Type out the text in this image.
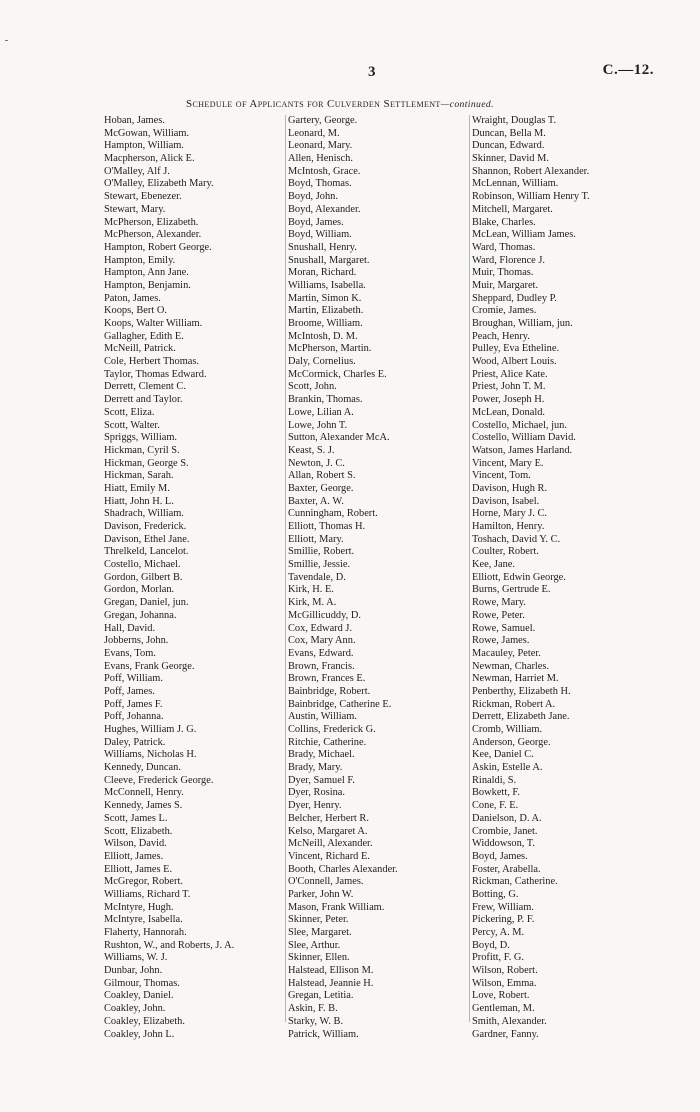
3	C.—12.
Schedule of Applicants for Culverden Settlement—continued.
Hoban, James.
McGowan, William.
Hampton, William.
Macpherson, Alick E.
O'Malley, Alf J.
O'Malley, Elizabeth Mary.
Stewart, Ebenezer.
Stewart, Mary.
McPherson, Elizabeth.
McPherson, Alexander.
Hampton, Robert George.
Hampton, Emily.
Hampton, Ann Jane.
Hampton, Benjamin.
Paton, James.
Koops, Bert O.
Koops, Walter William.
Gallagher, Edith E.
McNeill, Patrick.
Cole, Herbert Thomas.
Taylor, Thomas Edward.
Derrett, Clement C.
Derrett and Taylor.
Scott, Eliza.
Scott, Walter.
Spriggs, William.
Hickman, Cyril S.
Hickman, George S.
Hickman, Sarah.
Hiatt, Emily M.
Hiatt, John H. L.
Shadrach, William.
Davison, Frederick.
Davison, Ethel Jane.
Threlkeld, Lancelot.
Costello, Michael.
Gordon, Gilbert B.
Gordon, Morlan.
Gregan, Daniel, jun.
Gregan, Johanna.
Hall, David.
Jobberns, John.
Evans, Tom.
Evans, Frank George.
Poff, William.
Poff, James.
Poff, James F.
Poff, Johanna.
Hughes, William J. G.
Daley, Patrick.
Williams, Nicholas H.
Kennedy, Duncan.
Cleeve, Frederick George.
McConnell, Henry.
Kennedy, James S.
Scott, James L.
Scott, Elizabeth.
Wilson, David.
Elliott, James.
Elliott, James E.
McGregor, Robert.
Williams, Richard T.
McIntyre, Hugh.
McIntyre, Isabella.
Flaherty, Hannorah.
Rushton, W., and Roberts, J. A.
Williams, W. J.
Dunbar, John.
Gilmour, Thomas.
Coakley, Daniel.
Coakley, John.
Coakley, Elizabeth.
Coakley, John L.
Gartery, George.
Leonard, M.
Leonard, Mary.
Allen, Henisch.
McIntosh, Grace.
Boyd, Thomas.
Boyd, John.
Boyd, Alexander.
Boyd, James.
Boyd, William.
Snushall, Henry.
Snushall, Margaret.
Moran, Richard.
Williams, Isabella.
Martin, Simon K.
Martin, Elizabeth.
Broome, William.
McIntosh, D. M.
McPherson, Martin.
Daly, Cornelius.
McCormick, Charles E.
Scott, John.
Brankin, Thomas.
Lowe, Lilian A.
Lowe, John T.
Sutton, Alexander McA.
Keast, S. J.
Newton, J. C.
Allan, Robert S.
Baxter, George.
Baxter, A. W.
Cunningham, Robert.
Elliott, Thomas H.
Elliott, Mary.
Smillie, Robert.
Smillie, Jessie.
Tavendale, D.
Kirk, H. E.
Kirk, M. A.
McGillicuddy, D.
Cox, Edward J.
Cox, Mary Ann.
Evans, Edward.
Brown, Francis.
Brown, Frances E.
Bainbridge, Robert.
Bainbridge, Catherine E.
Austin, William.
Collins, Frederick G.
Ritchie, Catherine.
Brady, Michael.
Brady, Mary.
Dyer, Samuel F.
Dyer, Rosina.
Dyer, Henry.
Belcher, Herbert R.
Kelso, Margaret A.
McNeill, Alexander.
Vincent, Richard E.
Booth, Charles Alexander.
O'Connell, James.
Parker, John W.
Mason, Frank William.
Skinner, Peter.
Slee, Margaret.
Slee, Arthur.
Skinner, Ellen.
Halstead, Ellison M.
Halstead, Jeannie H.
Gregan, Letitia.
Askin, F. B.
Starky, W. B.
Patrick, William.
Wraight, Douglas T.
Duncan, Bella M.
Duncan, Edward.
Skinner, David M.
Shannon, Robert Alexander.
McLennan, William.
Robinson, William Henry T.
Mitchell, Margaret.
Blake, Charles.
McLean, William James.
Ward, Thomas.
Ward, Florence J.
Muir, Thomas.
Muir, Margaret.
Sheppard, Dudley P.
Cromie, James.
Broughan, William, jun.
Peach, Henry.
Pulley, Eva Etheline.
Wood, Albert Louis.
Priest, Alice Kate.
Priest, John T. M.
Power, Joseph H.
McLean, Donald.
Costello, Michael, jun.
Costello, William David.
Watson, James Harland.
Vincent, Mary E.
Vincent, Tom.
Davison, Hugh R.
Davison, Isabel.
Horne, Mary J. C.
Hamilton, Henry.
Toshach, David Y. C.
Coulter, Robert.
Kee, Jane.
Elliott, Edwin George.
Burns, Gertrude E.
Rowe, Mary.
Rowe, Peter.
Rowe, Samuel.
Rowe, James.
Macauley, Peter.
Newman, Charles.
Newman, Harriet M.
Penberthy, Elizabeth H.
Rickman, Robert A.
Derrett, Elizabeth Jane.
Cromb, William.
Anderson, George.
Kee, Daniel C.
Askin, Estelle A.
Rinaldi, S.
Bowkett, F.
Cone, F. E.
Danielson, D. A.
Crombie, Janet.
Widdowson, T.
Boyd, James.
Foster, Arabella.
Rickman, Catherine.
Botting, G.
Frew, William.
Pickering, P. F.
Percy, A. M.
Boyd, D.
Profitt, F. G.
Wilson, Robert.
Wilson, Emma.
Love, Robert.
Gentleman, M.
Smith, Alexander.
Gardner, Fanny.
